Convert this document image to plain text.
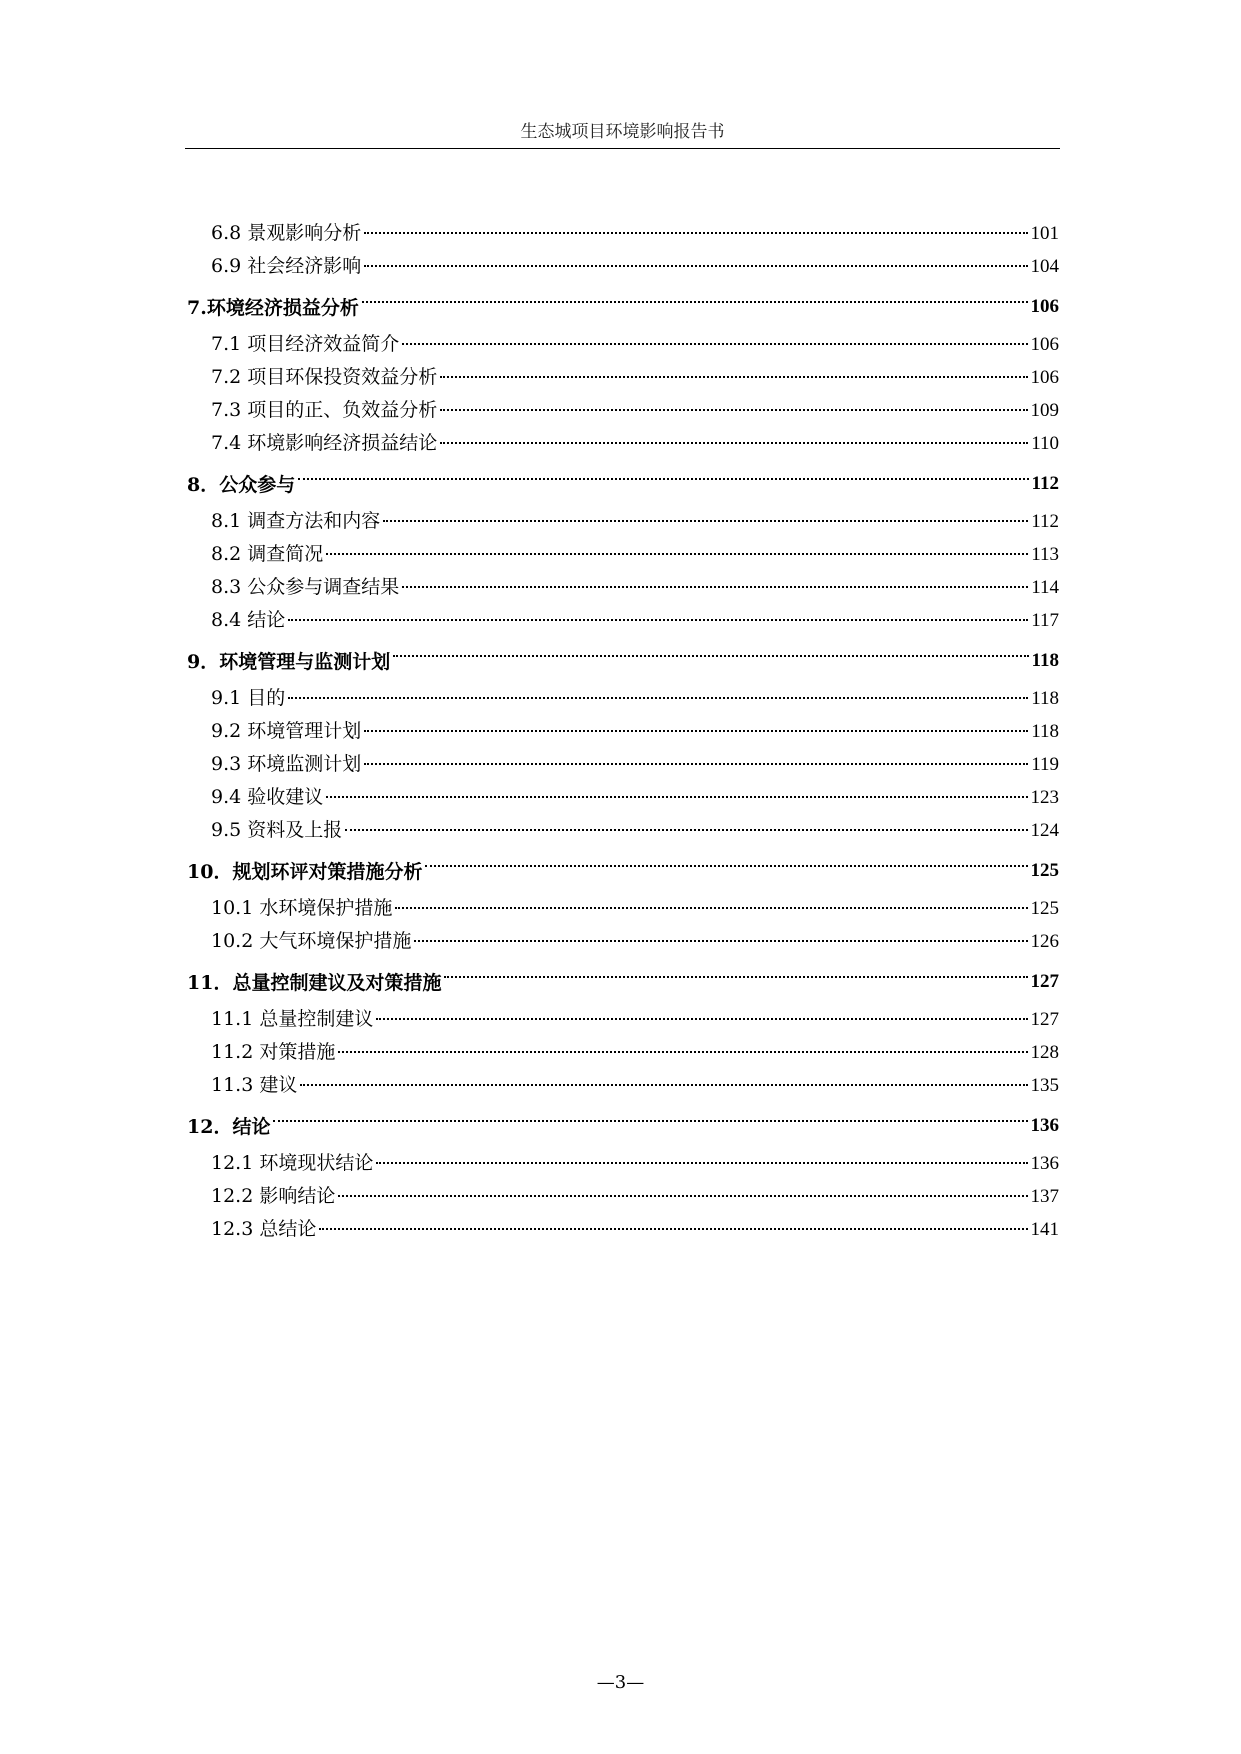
生态城项目环境影响报告书
6.8 景观影响分析	101
6.9 社会经济影响	104
7.环境经济损益分析	106
7.1 项目经济效益简介	106
7.2 项目环保投资效益分析	106
7.3 项目的正、负效益分析	109
7.4 环境影响经济损益结论	110
8．公众参与	112
8.1 调查方法和内容	112
8.2 调查简况	113
8.3 公众参与调查结果	114
8.4 结论	117
9．环境管理与监测计划	118
9.1 目的	118
9.2 环境管理计划	118
9.3 环境监测计划	119
9.4 验收建议	123
9.5 资料及上报	124
10．规划环评对策措施分析	125
10.1 水环境保护措施	125
10.2 大气环境保护措施	126
11．总量控制建议及对策措施	127
11.1 总量控制建议	127
11.2 对策措施	128
11.3 建议	135
12．结论	136
12.1 环境现状结论	136
12.2 影响结论	137
12.3 总结论	141
—3—
